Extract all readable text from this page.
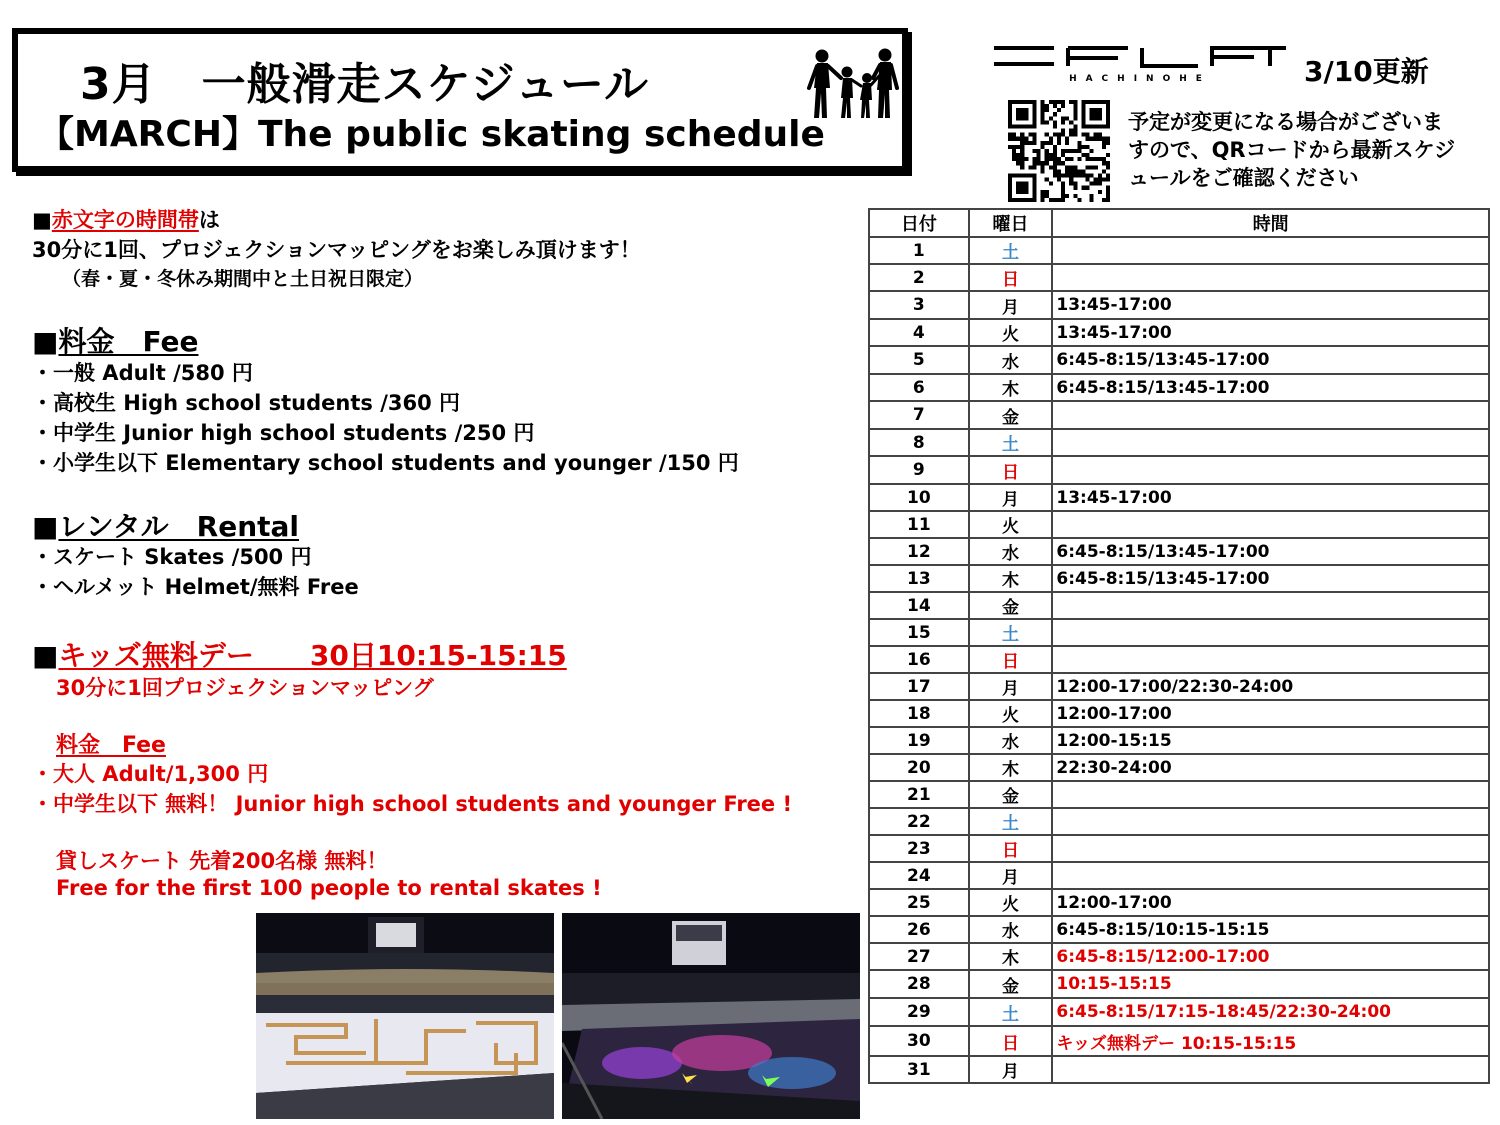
3月　一般滑走スケジュール
【MARCH】The public skating schedule
HACHINOHE	3/10更新
予定が変更になる場合がございますので、QRコードから最新スケジュールをご確認ください
■赤文字の時間帯は
30分に1回、プロジェクションマッピングをお楽しみ頂けます！
（春・夏・冬休み期間中と土日祝日限定）
■料金　Fee
・一般 Adult /580 円
・高校生 High school students /360 円
・中学生 Junior high school students /250 円
・小学生以下 Elementary school students and younger /150 円
■レンタル　Rental
・スケート Skates /500 円
・ヘルメット Helmet/無料 Free
■キッズ無料デー　　30日10:15-15:15
30分に1回プロジェクションマッピング
料金　Fee
・大人 Adult/1,300 円
・中学生以下 無料！ Junior high school students and younger Free !
貸しスケート 先着200名様 無料！
Free for the first 100 people to rental skates !
日付	曜日	時間
1	土	
2	日	
3	月	13:45-17:00
4	火	13:45-17:00
5	水	6:45-8:15/13:45-17:00
6	木	6:45-8:15/13:45-17:00
7	金	
8	土	
9	日	
10	月	13:45-17:00
11	火	
12	水	6:45-8:15/13:45-17:00
13	木	6:45-8:15/13:45-17:00
14	金	
15	土	
16	日	
17	月	12:00-17:00/22:30-24:00
18	火	12:00-17:00
19	水	12:00-15:15
20	木	22:30-24:00
21	金	
22	土	
23	日	
24	月	
25	火	12:00-17:00
26	水	6:45-8:15/10:15-15:15
27	木	6:45-8:15/12:00-17:00
28	金	10:15-15:15
29	土	6:45-8:15/17:15-18:45/22:30-24:00
30	日	キッズ無料デー 10:15-15:15
31	月	
